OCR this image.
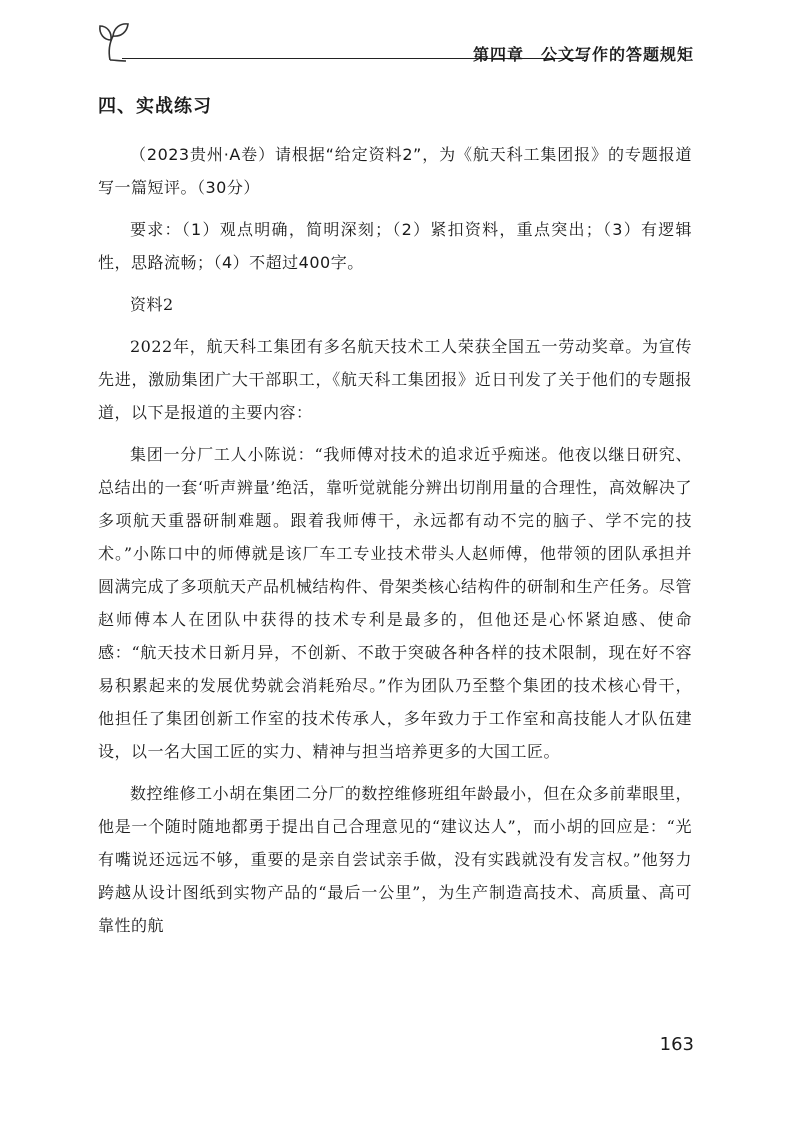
第四章　公文写作的答题规矩
四、实战练习

（2023贵州·A卷）请根据“给定资料2”，为《航天科工集团报》的专题报道写一篇短评。（30分）

要求：（1）观点明确，简明深刻；（2）紧扣资料，重点突出；（3）有逻辑性，思路流畅；（4）不超过400字。

资料2

2022年，航天科工集团有多名航天技术工人荣获全国五一劳动奖章。为宣传先进，激励集团广大干部职工，《航天科工集团报》近日刊发了关于他们的专题报道，以下是报道的主要内容：

集团一分厂工人小陈说：“我师傅对技术的追求近乎痴迷。他夜以继日研究、总结出的一套‘听声辨量’绝活，靠听觉就能分辨出切削用量的合理性，高效解决了多项航天重器研制难题。跟着我师傅干，永远都有动不完的脑子、学不完的技术。”小陈口中的师傅就是该厂车工专业技术带头人赵师傅，他带领的团队承担并圆满完成了多项航天产品机械结构件、骨架类核心结构件的研制和生产任务。尽管赵师傅本人在团队中获得的技术专利是最多的，但他还是心怀紧迫感、使命感：“航天技术日新月异，不创新、不敢于突破各种各样的技术限制，现在好不容易积累起来的发展优势就会消耗殆尽。”作为团队乃至整个集团的技术核心骨干，他担任了集团创新工作室的技术传承人，多年致力于工作室和高技能人才队伍建设，以一名大国工匠的实力、精神与担当培养更多的大国工匠。

数控维修工小胡在集团二分厂的数控维修班组年龄最小，但在众多前辈眼里，他是一个随时随地都勇于提出自己合理意见的“建议达人”，而小胡的回应是：“光有嘴说还远远不够，重要的是亲自尝试亲手做，没有实践就没有发言权。”他努力跨越从设计图纸到实物产品的“最后一公里”，为生产制造高技术、高质量、高可靠性的航

163
